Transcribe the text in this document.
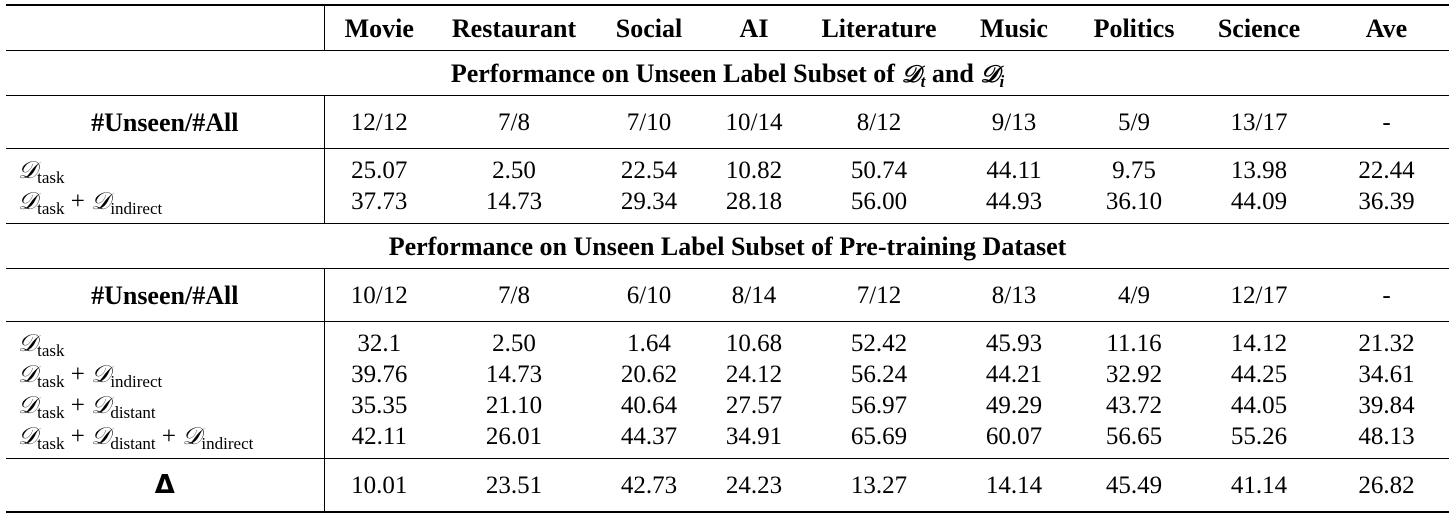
	Movie	Restaurant	Social	AI	Literature	Music	Politics	Science	Ave
Performance on Unseen Label Subset of 𝒟$_t$ and 𝒟$_i$
#Unseen/#All	12/12	7/8	7/10	10/14	8/12	9/13	5/9	13/17	-
𝒟$_{task}$	25.07	2.50	22.54	10.82	50.74	44.11	9.75	13.98	22.44
𝒟$_{task}$ + 𝒟$_{indirect}$	37.73	14.73	29.34	28.18	56.00	44.93	36.10	44.09	36.39
Performance on Unseen Label Subset of Pre-training Dataset									
#Unseen/#All	10/12	7/8	6/10	8/14	7/12	8/13	4/9	12/17	-
𝒟$_{task}$	32.1	2.50	1.64	10.68	52.42	45.93	11.16	14.12	21.32
𝒟$_{task}$ + 𝒟$_{indirect}$	39.76	14.73	20.62	24.12	56.24	44.21	32.92	44.25	34.61
𝒟$_{task}$ + 𝒟$_{distant}$	35.35	21.10	40.64	27.57	56.97	49.29	43.72	44.05	39.84
𝒟$_{task}$ + 𝒟$_{distant}$ + 𝒟$_{indirect}$	42.11	26.01	44.37	34.91	65.69	60.07	56.65	55.26	48.13
Δ	10.01	23.51	42.73	24.23	13.27	14.14	45.49	41.14	26.82
